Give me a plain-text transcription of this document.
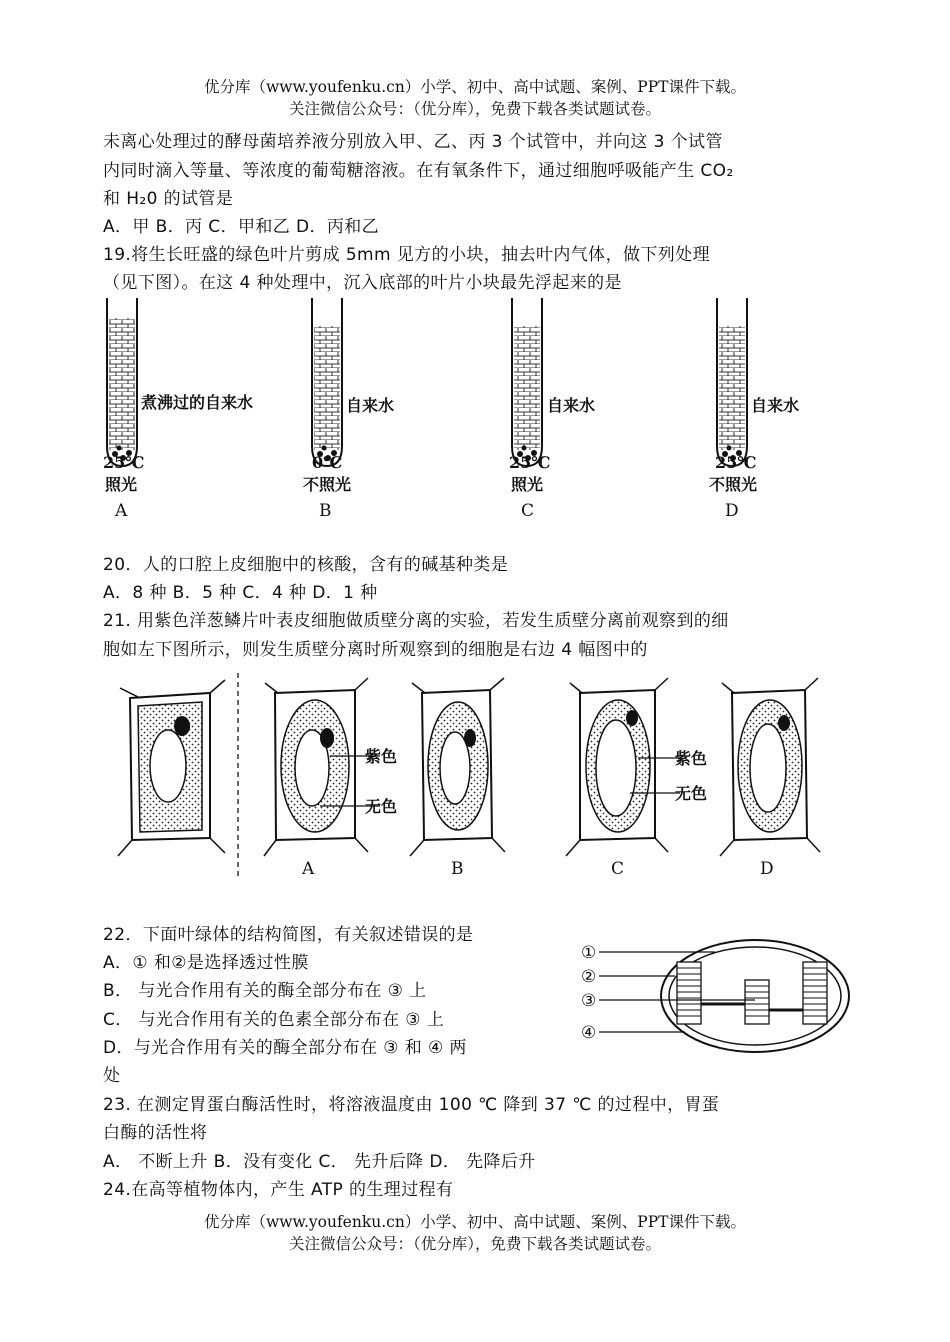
优分库（www.youfenku.cn）小学、初中、高中试题、案例、PPT课件下载。
关注微信公众号：（优分库），免费下载各类试题试卷。
未离心处理过的酵母菌培养液分别放入甲、乙、丙 3 个试管中，并向这 3 个试管
内同时滴入等量、等浓度的葡萄糖溶液。在有氧条件下，通过细胞呼吸能产生 CO₂
和 H₂0 的试管是
A．甲 B．丙 C．甲和乙 D．丙和乙
19.将生长旺盛的绿色叶片剪成 5mm 见方的小块，抽去叶内气体，做下列处理
（见下图）。在这 4 种处理中，沉入底部的叶片小块最先浮起来的是
煮沸过的自来水
25℃
照光
A
自来水
0℃
不照光
B
自来水
25℃
照光
C
自来水
25℃
不照光
D
20．人的口腔上皮细胞中的核酸，含有的碱基种类是
A．8 种 B．5 种 C．4 种 D．1 种
21. 用紫色洋葱鳞片叶表皮细胞做质壁分离的实验，若发生质壁分离前观察到的细
胞如左下图所示，则发生质壁分离时所观察到的细胞是右边 4 幅图中的
紫色
无色
A	B
紫色
无色
C	D
22．下面叶绿体的结构简图，有关叙述错误的是
A．① 和②是选择透过性膜
B． 与光合作用有关的酶全部分布在 ③ 上
C． 与光合作用有关的色素全部分布在 ③ 上
D．与光合作用有关的酶全部分布在 ③ 和 ④ 两
处
①
②
③
④
23. 在测定胃蛋白酶活性时，将溶液温度由 100 ℃ 降到 37 ℃ 的过程中，胃蛋
白酶的活性将
A． 不断上升 B．没有变化 C． 先升后降 D． 先降后升
24.在高等植物体内，产生 ATP 的生理过程有
优分库（www.youfenku.cn）小学、初中、高中试题、案例、PPT课件下载。
关注微信公众号：（优分库），免费下载各类试题试卷。
